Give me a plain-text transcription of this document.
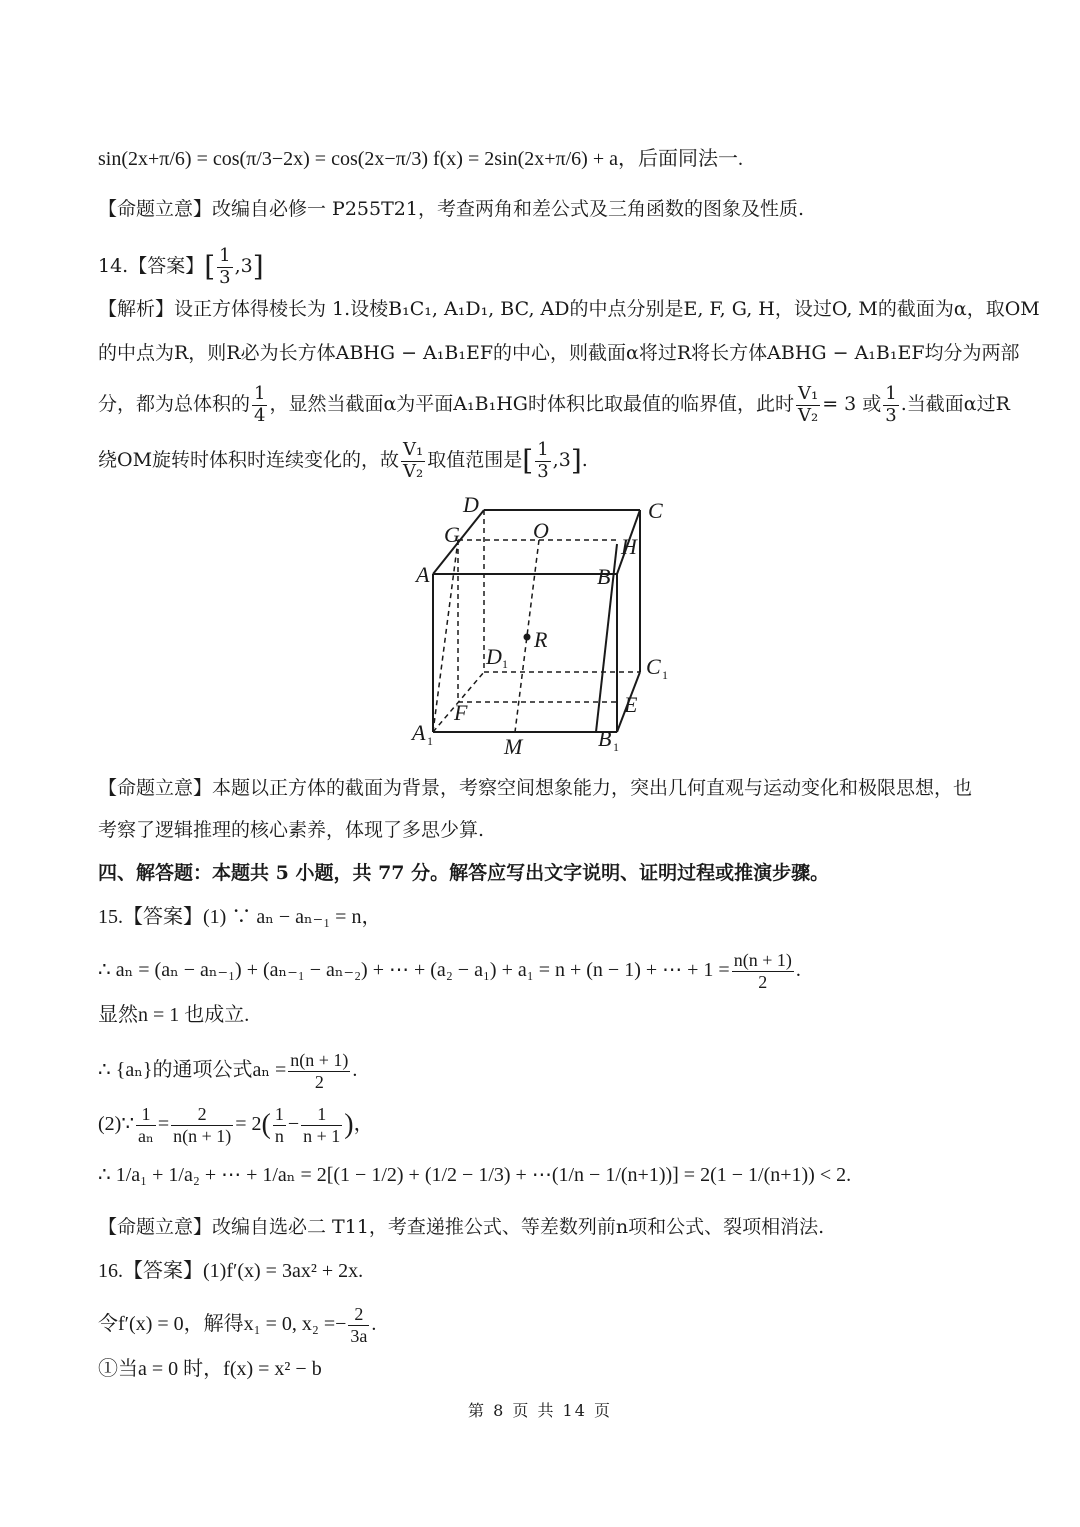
sin(2x+π/6) = cos(π/3−2x) = cos(2x−π/3) f(x) = 2sin(2x+π/6) + a，后面同法一.
【命题立意】改编自必修一 P255T21，考查两角和差公式及三角函数的图象及性质.
14.【答案】[ $\frac{1}{3} ,3$]
【解析】设正方体得棱长为 1.设棱B₁C₁, A₁D₁, BC, AD的中点分别是E, F, G, H，设过O, M的截面为α，取OM
的中点为R，则R必为长方体ABHG − A₁B₁EF的中心，则截面α将过R将长方体ABHG − A₁B₁EF均分为两部
分，都为总体积的 $\frac{1}{4}$ ，显然当截面α为平面A₁B₁HG时体积比取最值的临界值，此时 $\frac{\text{V₁}}{\text{V₂}} = 3$ 或 $\frac{1}{3}$ .当截面α过R
绕OM旋转时体积时连续变化的，故 $\frac{\text{V₁}}{\text{V₂}}$ 取值范围是[ $\frac{1}{3} ,3$].
D	C
G	O
H
A	B
R
D 1	C 1
F	E
A 1	M	B 1
【命题立意】本题以正方体的截面为背景，考察空间想象能力，突出几何直观与运动变化和极限思想，也
考察了逻辑推理的核心素养，体现了多思少算.
四、解答题：本题共 5 小题，共 77 分。解答应写出文字说明、证明过程或推演步骤。
15.【答案】(1) ∵ aₙ − aₙ₋₁ = n，
∴ aₙ = (aₙ − aₙ₋₁) + (aₙ₋₁ − aₙ₋₂) + ⋯ + (a₂ − a₁) + a₁ = n + (n − 1) + ⋯ + $1 = \frac{n(n + 1)}{2}$ .
显然n = 1 也成立.
∴ {aₙ}的通项公式$a_n = \frac{n(n + 1)}{2}$ .
(2)∵ $\frac{1}{\text{aₙ}} = \frac{2}{n(n + 1)} = 2( \frac{1}{n} - \frac{1}{n + 1}$ )，
∴ 1/a₁ + 1/a₂ + ⋯ + 1/aₙ = 2[(1 − 1/2) + (1/2 − 1/3) + ⋯(1/n − 1/(n+1))] = 2(1 − 1/(n+1)) < 2.
【命题立意】改编自选必二 T11，考查递推公式、等差数列前n项和公式、裂项相消法.
16.【答案】(1)f′(x) = 3ax² + 2x.
令f′(x) = 0，解得x₁ = 0, $x_2 =- \frac{2}{3a}$ .
①当a = 0 时，f(x) = x² − b
第 8 页 共 14 页
